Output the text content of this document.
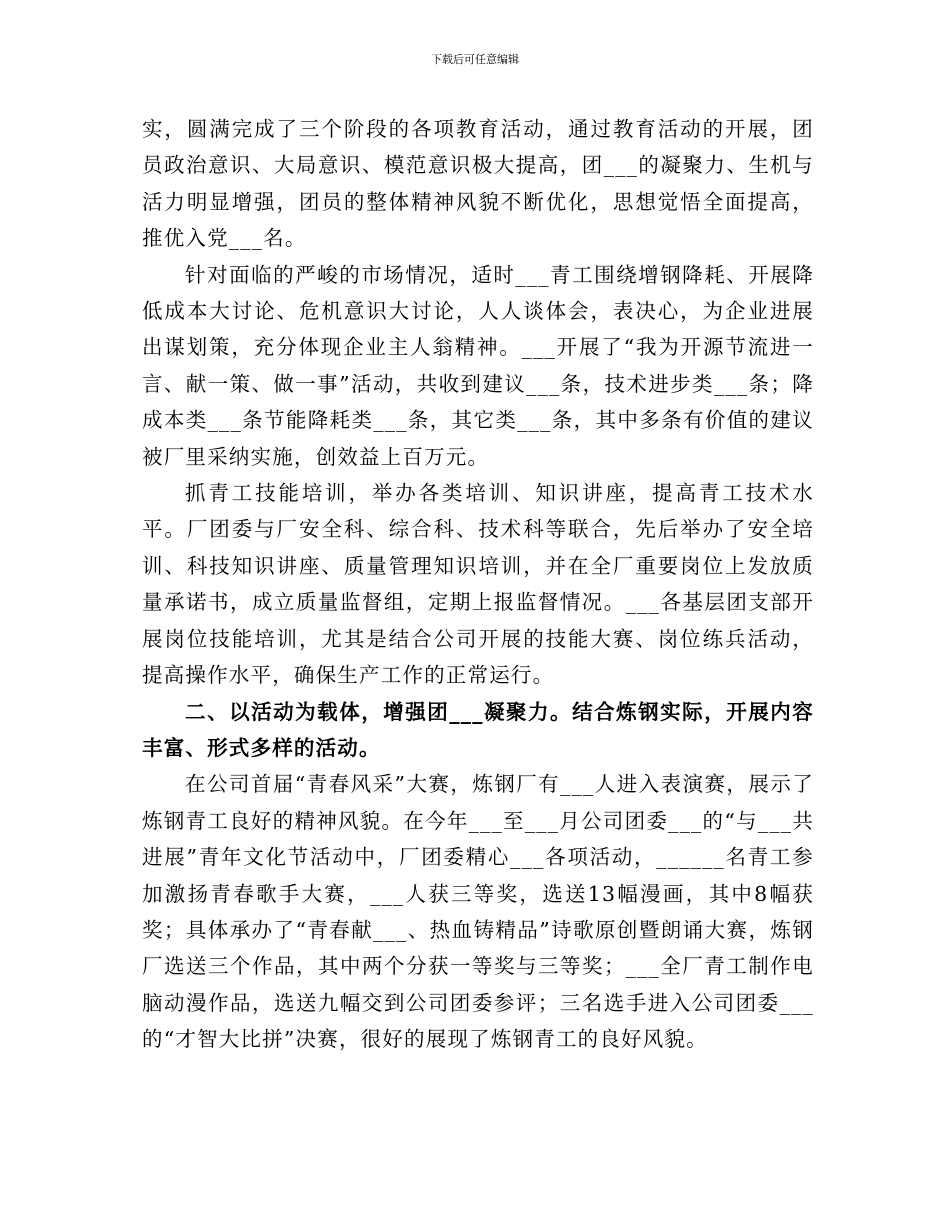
下载后可任意编辑

实，圆满完成了三个阶段的各项教育活动，通过教育活动的开展，团员政治意识、大局意识、模范意识极大提高，团___的凝聚力、生机与活力明显增强，团员的整体精神风貌不断优化，思想觉悟全面提高，推优入党___名。

针对面临的严峻的市场情况，适时___青工围绕增钢降耗、开展降低成本大讨论、危机意识大讨论，人人谈体会，表决心，为企业进展出谋划策，充分体现企业主人翁精神。___开展了“我为开源节流进一言、献一策、做一事”活动，共收到建议___条，技术进步类___条；降成本类___条节能降耗类___条，其它类___条，其中多条有价值的建议被厂里采纳实施，创效益上百万元。

抓青工技能培训，举办各类培训、知识讲座，提高青工技术水平。厂团委与厂安全科、综合科、技术科等联合，先后举办了安全培训、科技知识讲座、质量管理知识培训，并在全厂重要岗位上发放质量承诺书，成立质量监督组，定期上报监督情况。___各基层团支部开展岗位技能培训，尤其是结合公司开展的技能大赛、岗位练兵活动，提高操作水平，确保生产工作的正常运行。

二、以活动为载体，增强团___凝聚力。结合炼钢实际，开展内容丰富、形式多样的活动。

在公司首届“青春风采”大赛，炼钢厂有___人进入表演赛，展示了炼钢青工良好的精神风貌。在今年___至___月公司团委___的“与___共进展”青年文化节活动中，厂团委精心___各项活动，______名青工参加激扬青春歌手大赛，___人获三等奖，选送13幅漫画，其中8幅获奖；具体承办了“青春献___、热血铸精品”诗歌原创暨朗诵大赛，炼钢厂选送三个作品，其中两个分获一等奖与三等奖；___全厂青工制作电脑动漫作品，选送九幅交到公司团委参评；三名选手进入公司团委___的“才智大比拼”决赛，很好的展现了炼钢青工的良好风貌。
